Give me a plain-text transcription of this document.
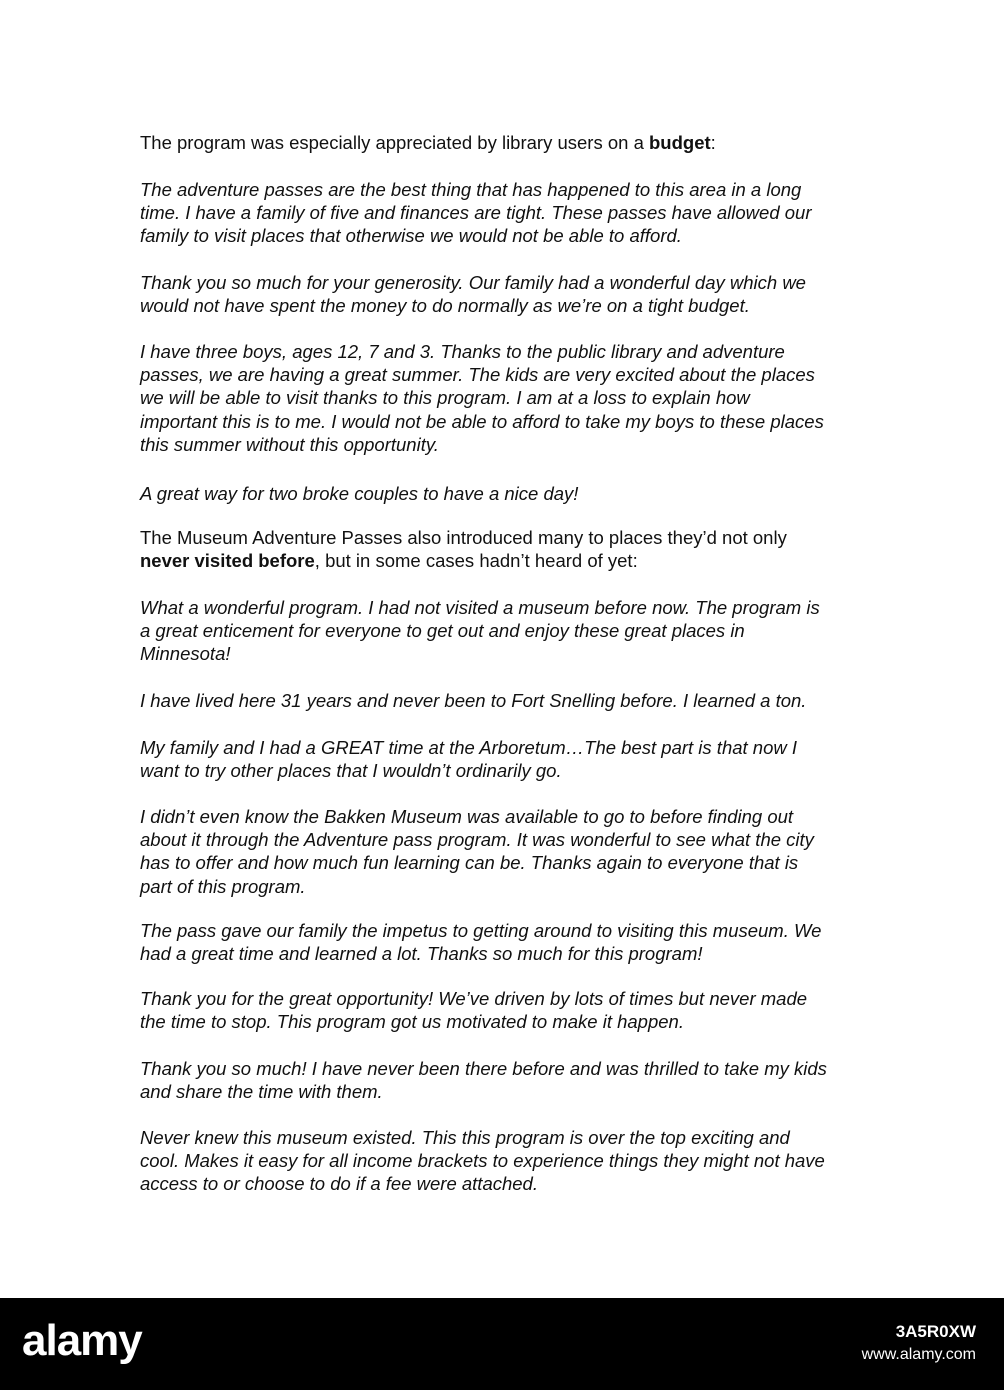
The program was especially appreciated by library users on a budget:

The adventure passes are the best thing that has happened to this area in a long
time. I have a family of five and finances are tight. These passes have allowed our
family to visit places that otherwise we would not be able to afford.

Thank you so much for your generosity. Our family had a wonderful day which we
would not have spent the money to do normally as we’re on a tight budget.

I have three boys, ages 12, 7 and 3. Thanks to the public library and adventure
passes, we are having a great summer. The kids are very excited about the places
we will be able to visit thanks to this program. I am at a loss to explain how
important this is to me. I would not be able to afford to take my boys to these places
this summer without this opportunity.

A great way for two broke couples to have a nice day!

The Museum Adventure Passes also introduced many to places they’d not only
never visited before, but in some cases hadn’t heard of yet:

What a wonderful program. I had not visited a museum before now. The program is
a great enticement for everyone to get out and enjoy these great places in
Minnesota!

I have lived here 31 years and never been to Fort Snelling before. I learned a ton.

My family and I had a GREAT time at the Arboretum…The best part is that now I
want to try other places that I wouldn’t ordinarily go.

I didn’t even know the Bakken Museum was available to go to before finding out
about it through the Adventure pass program. It was wonderful to see what the city
has to offer and how much fun learning can be. Thanks again to everyone that is
part of this program.

The pass gave our family the impetus to getting around to visiting this museum. We
had a great time and learned a lot. Thanks so much for this program!

Thank you for the great opportunity! We’ve driven by lots of times but never made
the time to stop. This program got us motivated to make it happen.

Thank you so much! I have never been there before and was thrilled to take my kids
and share the time with them.

Never knew this museum existed. This this program is over the top exciting and
cool. Makes it easy for all income brackets to experience things they might not have
access to or choose to do if a fee were attached.

alamy	3A5R0XW
www.alamy.com
